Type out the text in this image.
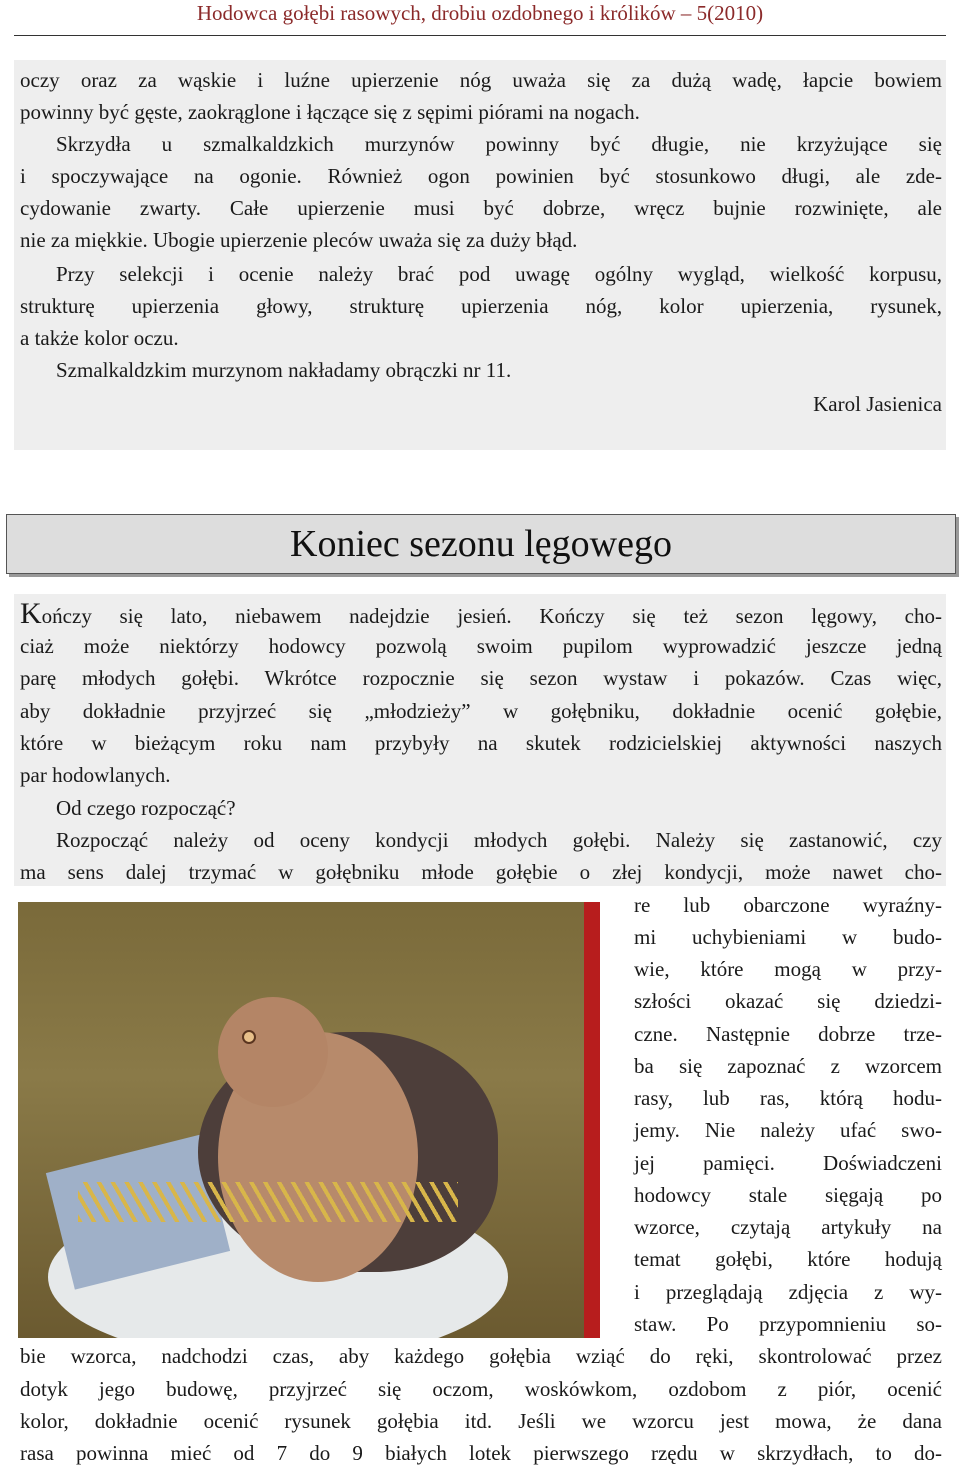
Hodowca gołębi rasowych, drobiu ozdobnego i królików – 5(2010)
oczy oraz za wąskie i luźne upierzenie nóg uważa się za dużą wadę, łapcie bowiem
powinny być gęste, zaokrąglone i łączące się z sępimi piórami na nogach.
Skrzydła u szmalkaldzkich murzynów powinny być długie, nie krzyżujące się
i spoczywające na ogonie. Również ogon powinien być stosunkowo długi, ale zde-
cydowanie zwarty. Całe upierzenie musi być dobrze, wręcz bujnie rozwinięte, ale
nie za miękkie. Ubogie upierzenie pleców uważa się za duży błąd.
Przy selekcji i ocenie należy brać pod uwagę ogólny wygląd, wielkość korpusu,
strukturę upierzenia głowy, strukturę upierzenia nóg, kolor upierzenia, rysunek,
a także kolor oczu.
Szmalkaldzkim murzynom nakładamy obrączki nr 11.
Karol Jasienica
Koniec sezonu lęgowego
Kończy się lato, niebawem nadejdzie jesień. Kończy się też sezon lęgowy, cho-
ciaż może niektórzy hodowcy pozwolą swoim pupilom wyprowadzić jeszcze jedną
parę młodych gołębi. Wkrótce rozpocznie się sezon wystaw i pokazów. Czas więc,
aby dokładnie przyjrzeć się „młodzieży” w gołębniku, dokładnie ocenić gołębie,
które w bieżącym roku nam przybyły na skutek rodzicielskiej aktywności naszych
par hodowlanych.
Od czego rozpocząć?
Rozpocząć należy od oceny kondycji młodych gołębi. Należy się zastanowić, czy
ma sens dalej trzymać w gołębniku młode gołębie o złej kondycji, może nawet cho-
re lub obarczone wyraźny-
mi uchybieniami w budo-
wie, które mogą w przy-
szłości okazać się dziedzi-
czne. Następnie dobrze trze-
ba się zapoznać z wzorcem
rasy, lub ras, którą hodu-
jemy. Nie należy ufać swo-
jej pamięci. Doświadczeni
hodowcy stale sięgają po
wzorce, czytają artykuły na
temat gołębi, które hodują
i przeglądają zdjęcia z wy-
staw. Po przypomnieniu so-
bie wzorca, nadchodzi czas, aby każdego gołębia wziąć do ręki, skontrolować przez
dotyk jego budowę, przyjrzeć się oczom, woskówkom, ozdobom z piór, ocenić
kolor, dokładnie ocenić rysunek gołębia itd. Jeśli we wzorcu jest mowa, że dana
rasa powinna mieć od 7 do 9 białych lotek pierwszego rzędu w skrzydłach, to do-
